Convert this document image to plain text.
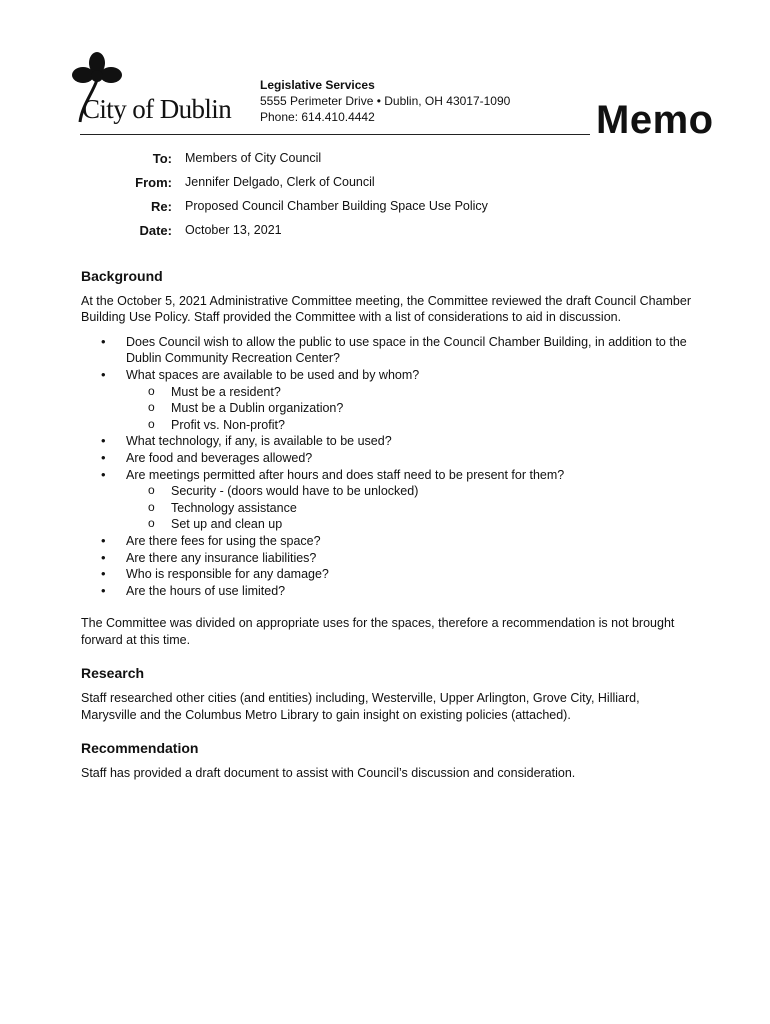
City of Dublin
Legislative Services
5555 Perimeter Drive • Dublin, OH 43017-1090
Phone: 614.410.4442	Memo
To:	Members of City Council
From:	Jennifer Delgado, Clerk of Council
Re:	Proposed Council Chamber Building Space Use Policy
Date:	October 13, 2021
Background

At the October 5, 2021 Administrative Committee meeting, the Committee reviewed the draft Council Chamber Building Use Policy. Staff provided the Committee with a list of considerations to aid in discussion.

• Does Council wish to allow the public to use space in the Council Chamber Building, in addition to the Dublin Community Recreation Center?
• What spaces are available to be used and by whom?
o Must be a resident?
o Must be a Dublin organization?
o Profit vs. Non-profit?
• What technology, if any, is available to be used?
• Are food and beverages allowed?
• Are meetings permitted after hours and does staff need to be present for them?
o Security - (doors would have to be unlocked)
o Technology assistance
o Set up and clean up
• Are there fees for using the space?
• Are there any insurance liabilities?
• Who is responsible for any damage?
• Are the hours of use limited?

The Committee was divided on appropriate uses for the spaces, therefore a recommendation is not brought forward at this time.

Research

Staff researched other cities (and entities) including, Westerville, Upper Arlington, Grove City, Hilliard, Marysville and the Columbus Metro Library to gain insight on existing policies (attached).

Recommendation

Staff has provided a draft document to assist with Council’s discussion and consideration.
